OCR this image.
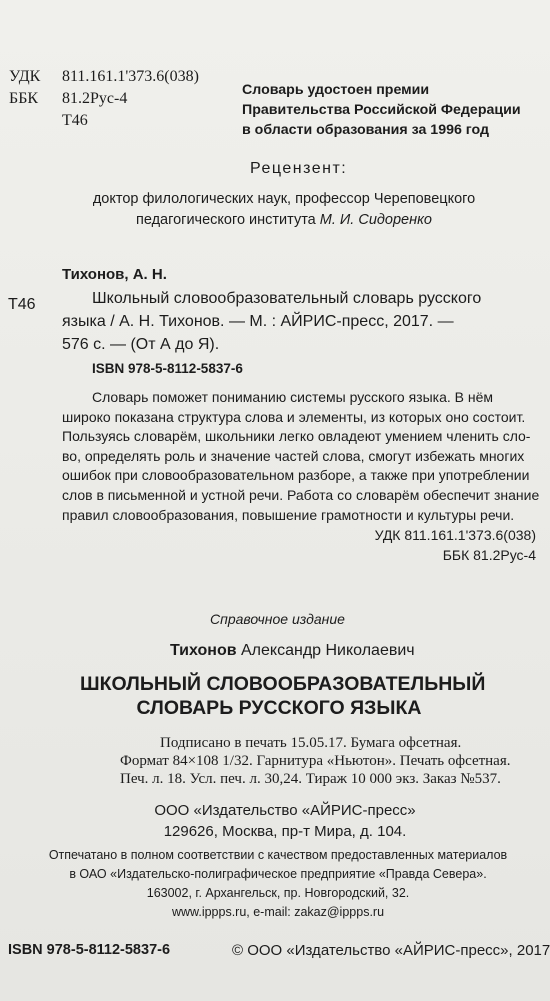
УДК	811.161.1'373.6(038)
ББК	81.2Рус-4
Т46
Словарь удостоен премии
Правительства Российской Федерации
в области образования за 1996 год
Рецензент:
доктор филологических наук, профессор Череповецкого
педагогического института М. И. Сидоренко
Тихонов, А. Н.
Т46	Школьный словообразовательный словарь русского
языка / А. Н. Тихонов. — М. : АЙРИС-пресс, 2017. —
576 с. — (От А до Я).
ISBN 978-5-8112-5837-6
Словарь поможет пониманию системы русского языка. В нём
широко показана структура слова и элементы, из которых оно состоит.
Пользуясь словарём, школьники легко овладеют умением членить сло-
во, определять роль и значение частей слова, смогут избежать многих
ошибок при словообразовательном разборе, а также при употреблении
слов в письменной и устной речи. Работа со словарём обеспечит знание
правил словообразования, повышение грамотности и культуры речи.
УДК 811.161.1'373.6(038)
ББК 81.2Рус-4
Справочное издание
Тихонов Александр Николаевич
ШКОЛЬНЫЙ СЛОВООБРАЗОВАТЕЛЬНЫЙ
СЛОВАРЬ РУССКОГО ЯЗЫКА
Подписано в печать 15.05.17. Бумага офсетная.
Формат 84×108 1/32. Гарнитура «Ньютон». Печать офсетная.
Печ. л. 18. Усл. печ. л. 30,24. Тираж 10 000 экз. Заказ №537.
ООО «Издательство «АЙРИС-пресс»
129626, Москва, пр-т Мира, д. 104.
Отпечатано в полном соответствии с качеством предоставленных материалов
в ОАО «Издательско-полиграфическое предприятие «Правда Севера».
163002, г. Архангельск, пр. Новгородский, 32.
www.ippps.ru, e-mail: zakaz@ippps.ru
ISBN 978-5-8112-5837-6	© ООО «Издательство «АЙРИС-пресс», 2017
